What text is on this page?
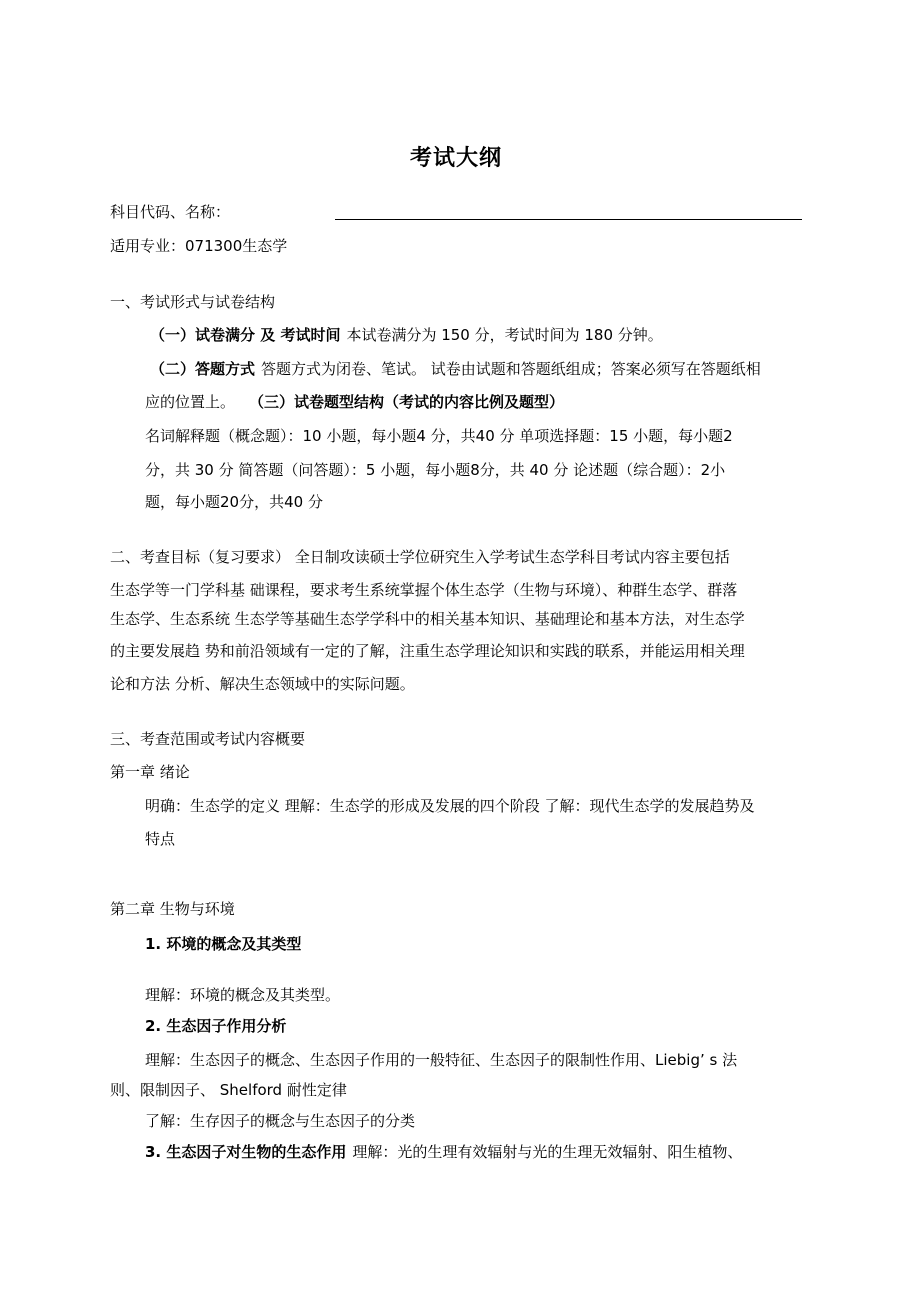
考试大纲
科目代码、名称：
适用专业：071300生态学
一、考试形式与试卷结构
（一）试卷满分 及 考试时间 本试卷满分为 150 分，考试时间为 180 分钟。
（二）答题方式 答题方式为闭卷、笔试。 试卷由试题和答题纸组成；答案必须写在答题纸相
应的位置上。 （三）试卷题型结构（考试的内容比例及题型）
名词解释题（概念题）：10 小题，每小题4 分，共40 分 单项选择题：15 小题，每小题2
分，共 30 分 简答题（问答题）：5 小题，每小题8分，共 40 分 论述题（综合题）：2小
题，每小题20分，共40 分
二、考查目标（复习要求） 全日制攻读硕士学位研究生入学考试生态学科目考试内容主要包括
生态学等一门学科基 础课程，要求考生系统掌握个体生态学（生物与环境）、种群生态学、群落
生态学、生态系统 生态学等基础生态学学科中的相关基本知识、基础理论和基本方法，对生态学
的主要发展趋 势和前沿领域有一定的了解，注重生态学理论知识和实践的联系，并能运用相关理
论和方法 分析、解决生态领域中的实际问题。
三、考查范围或考试内容概要
第一章 绪论
明确：生态学的定义 理解：生态学的形成及发展的四个阶段 了解：现代生态学的发展趋势及
特点
第二章 生物与环境
1. 环境的概念及其类型
理解：环境的概念及其类型。
2. 生态因子作用分析
理解：生态因子的概念、生态因子作用的一般特征、生态因子的限制性作用、Liebig’ s 法
则、限制因子、 Shelford 耐性定律
了解：生存因子的概念与生态因子的分类
3. 生态因子对生物的生态作用 理解：光的生理有效辐射与光的生理无效辐射、阳生植物、
